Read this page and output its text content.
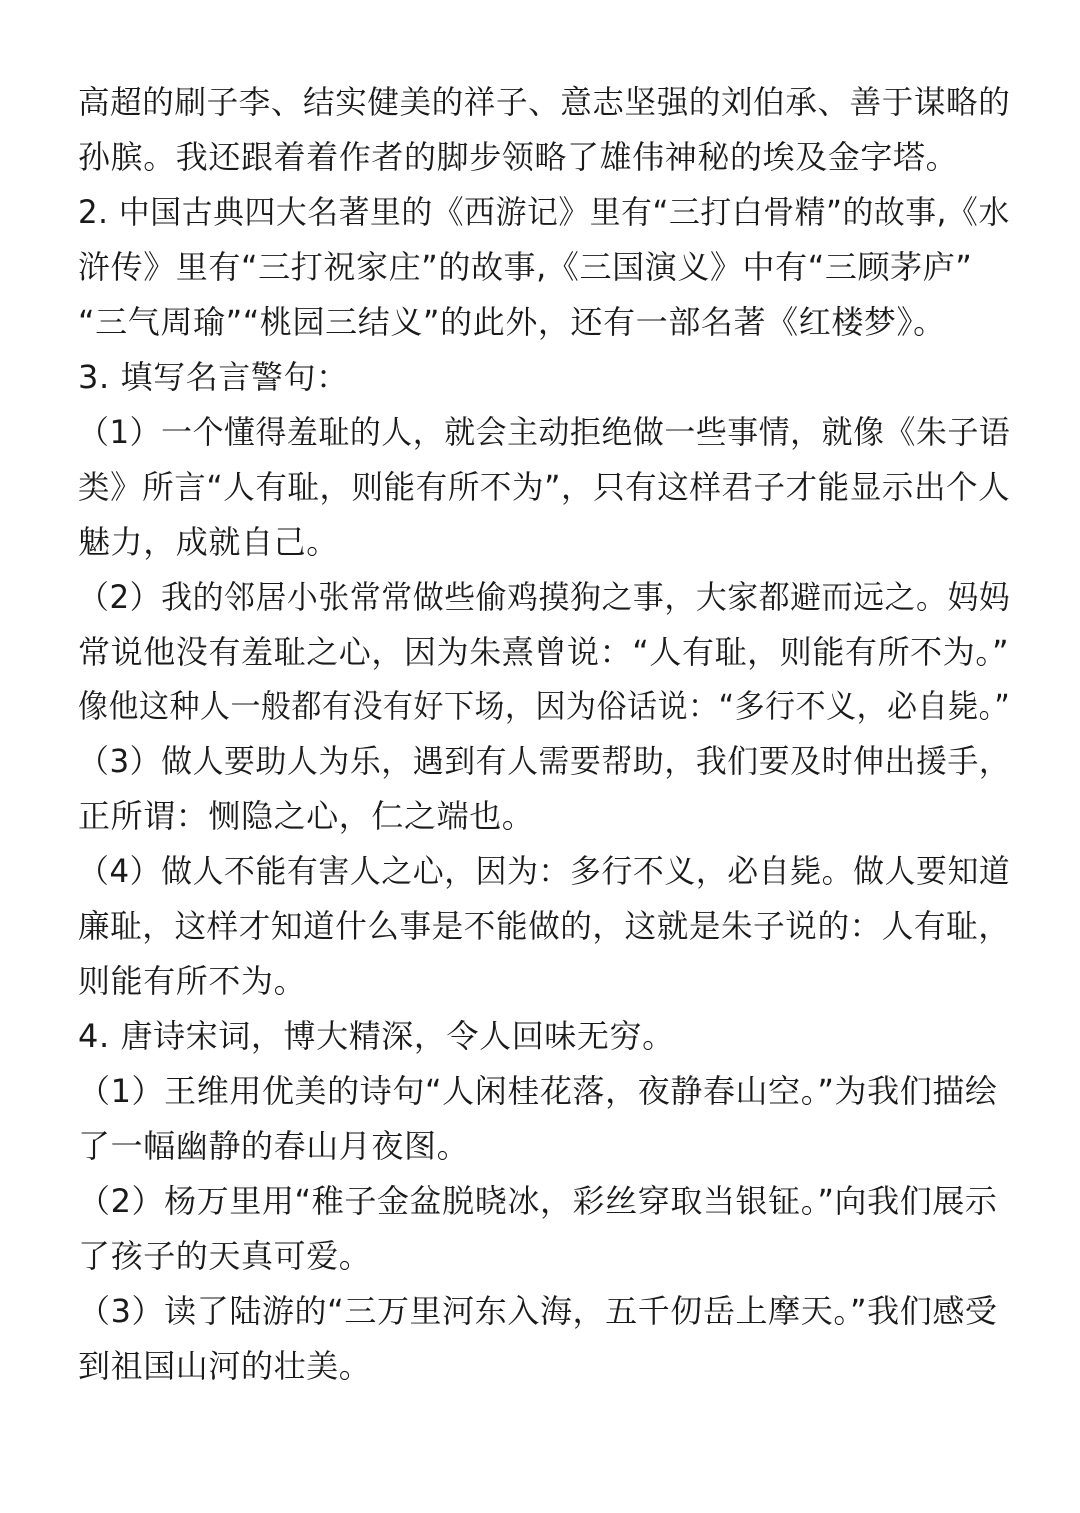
高超的刷子李、结实健美的祥子、意志坚强的刘伯承、善于谋略的
孙膑。我还跟着着作者的脚步领略了雄伟神秘的埃及金字塔。
2. 中国古典四大名著里的《西游记》里有“三打白骨精”的故事,《水
浒传》里有“三打祝家庄”的故事,《三国演义》中有“三顾茅庐”
“三气周瑜”“桃园三结义”的此外，还有一部名著《红楼梦》。
3. 填写名言警句：
（1）一个懂得羞耻的人，就会主动拒绝做一些事情，就像《朱子语
类》所言“人有耻，则能有所不为”，只有这样君子才能显示出个人
魅力，成就自己。
（2）我的邻居小张常常做些偷鸡摸狗之事，大家都避而远之。妈妈
常说他没有羞耻之心，因为朱熹曾说：“人有耻，则能有所不为。”
像他这种人一般都有没有好下场，因为俗话说：“多行不义，必自毙。”
（3）做人要助人为乐，遇到有人需要帮助，我们要及时伸出援手，
正所谓：恻隐之心，仁之端也。
（4）做人不能有害人之心，因为：多行不义，必自毙。做人要知道
廉耻，这样才知道什么事是不能做的，这就是朱子说的：人有耻，
则能有所不为。
4. 唐诗宋词，博大精深，令人回味无穷。
（1）王维用优美的诗句“人闲桂花落，夜静春山空。”为我们描绘
了一幅幽静的春山月夜图。
（2）杨万里用“稚子金盆脱晓冰，彩丝穿取当银钲。”向我们展示
了孩子的天真可爱。
（3）读了陆游的“三万里河东入海，五千仞岳上摩天。”我们感受
到祖国山河的壮美。
